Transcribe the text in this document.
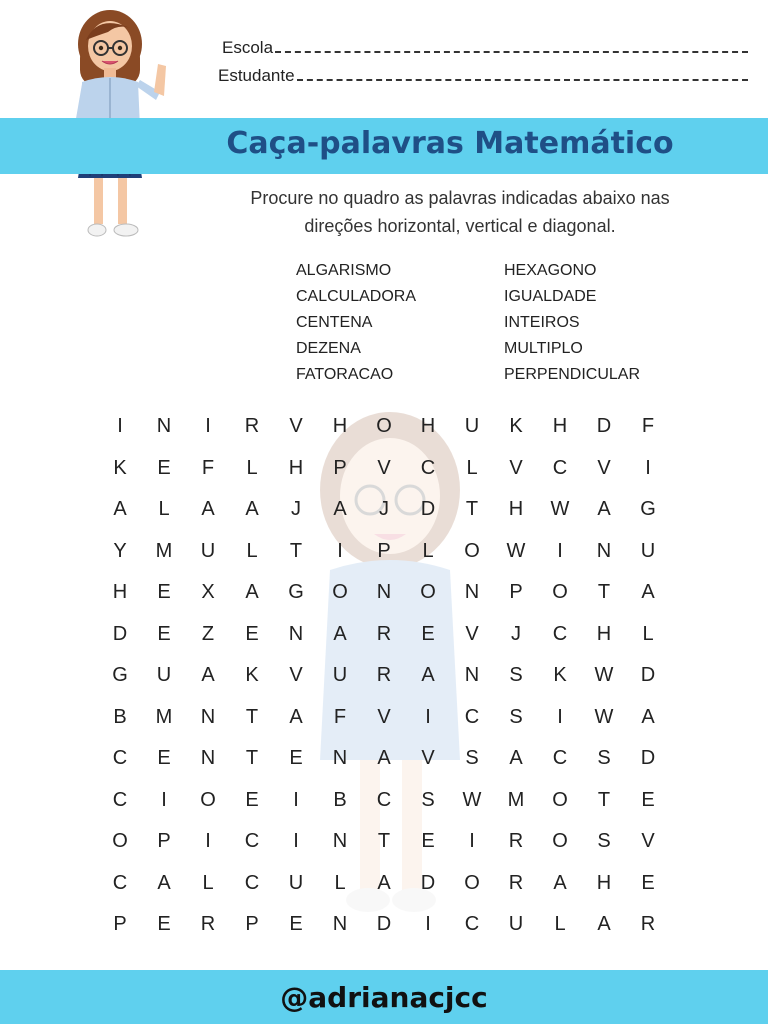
Escola
Estudante
Caça-palavras Matemático
Procure no quadro as palavras indicadas abaixo nas
direções horizontal, vertical e diagonal.
ALGARISMO
CALCULADORA
CENTENA
DEZENA
FATORACAO
HEXAGONO
IGUALDADE
INTEIROS
MULTIPLO
PERPENDICULAR
I	N	I	R	V	H	O	H	U	K	H	D	F
K	E	F	L	H	P	V	C	L	V	C	V	I
A	L	A	A	J	A	J	D	T	H	W	A	G
Y	M	U	L	T	I	P	L	O	W	I	N	U
H	E	X	A	G	O	N	O	N	P	O	T	A
D	E	Z	E	N	A	R	E	V	J	C	H	L
G	U	A	K	V	U	R	A	N	S	K	W	D
B	M	N	T	A	F	V	I	C	S	I	W	A
C	E	N	T	E	N	A	V	S	A	C	S	D
C	I	O	E	I	B	C	S	W	M	O	T	E
O	P	I	C	I	N	T	E	I	R	O	S	V
C	A	L	C	U	L	A	D	O	R	A	H	E
P	E	R	P	E	N	D	I	C	U	L	A	R
@adrianacjcc
